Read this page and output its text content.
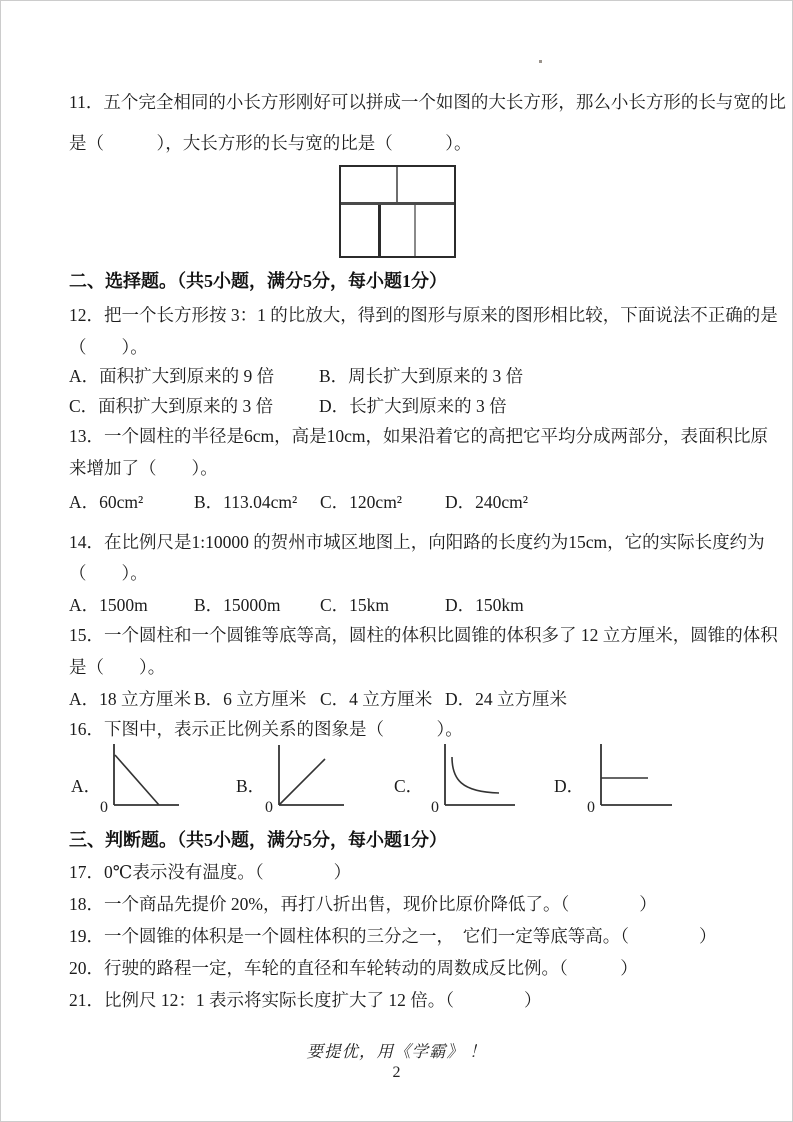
11．五个完全相同的小长方形刚好可以拼成一个如图的大长方形，那么小长方形的长与宽的比
是（　　　），大长方形的长与宽的比是（　　　）。
二、选择题。（共5小题，满分5分，每小题1分）
12．把一个长方形按 3：1 的比放大，得到的图形与原来的图形相比较，下面说法不正确的是
（　　）。
A．面积扩大到原来的 9 倍	B．周长扩大到原来的 3 倍
C．面积扩大到原来的 3 倍	D．长扩大到原来的 3 倍
13．一个圆柱的半径是6cm，高是10cm，如果沿着它的高把它平均分成两部分，表面积比原
来增加了（　　）。
A．60cm²	B．113.04cm² C．120cm² D．240cm²
14．在比例尺是1:10000 的贺州市城区地图上，向阳路的长度约为15cm，它的实际长度约为
（　　）。
A．1500m	B．15000m C．15km	D．150km
15．一个圆柱和一个圆锥等底等高，圆柱的体积比圆锥的体积多了 12 立方厘米，圆锥的体积
是（　　）。
A．18 立方厘米 B．6 立方厘米 C．4 立方厘米 D．24 立方厘米
16．下图中，表示正比例关系的图象是（　　　）。
A．
0
B．
0
C．
0
D．
0
三、判断题。（共5小题，满分5分，每小题1分）
17．0℃表示没有温度。（　　　　）
18．一个商品先提价 20%，再打八折出售，现价比原价降低了。（　　　　）
19．一个圆锥的体积是一个圆柱体积的三分之一，　它们一定等底等高。（　　　　）
20．行驶的路程一定，车轮的直径和车轮转动的周数成反比例。（　　　）
21．比例尺 12：1 表示将实际长度扩大了 12 倍。（　　　　）
要提优，用《学霸》 ！
2
